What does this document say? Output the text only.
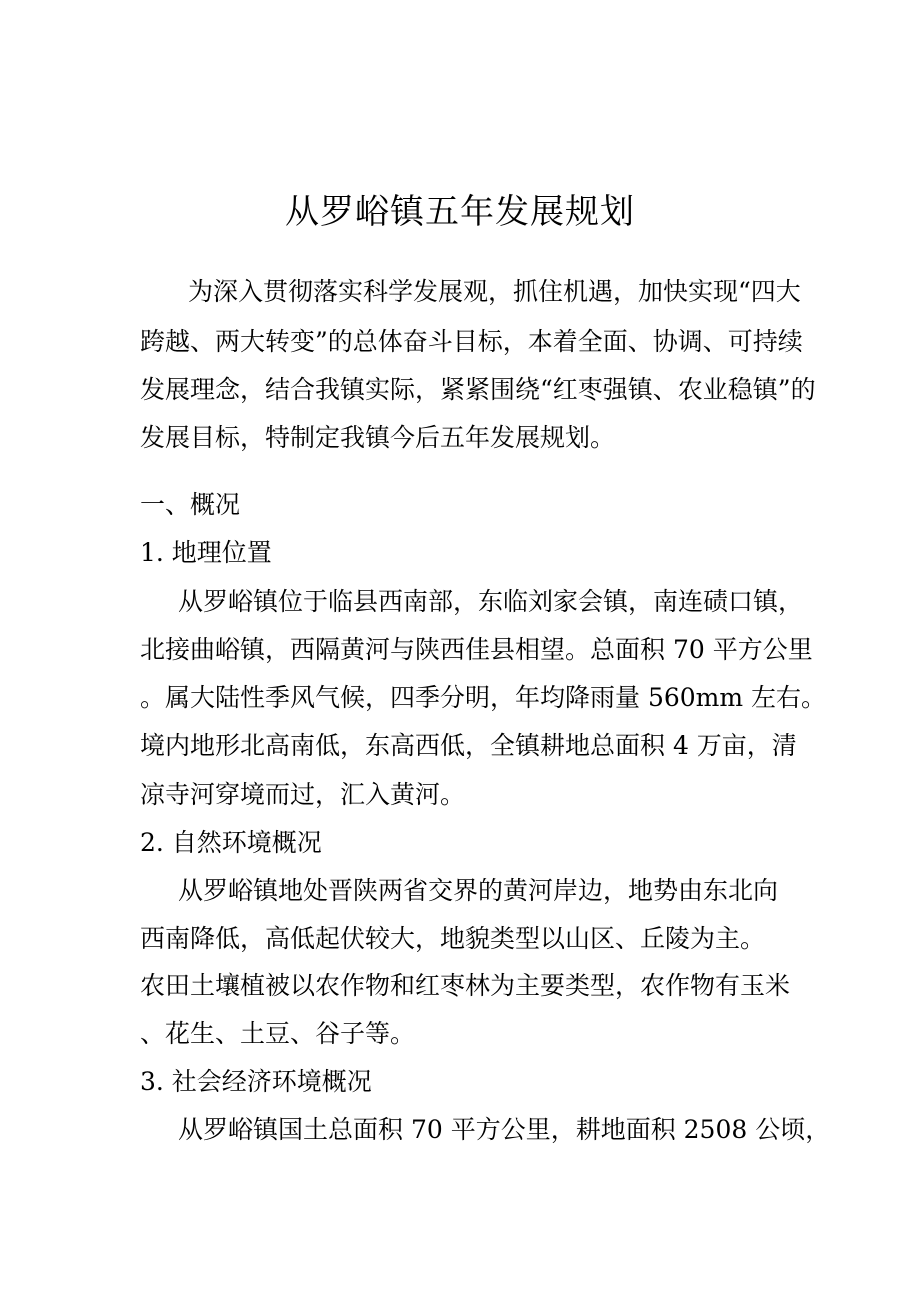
从罗峪镇五年发展规划
为深入贯彻落实科学发展观，抓住机遇，加快实现“四大
跨越、两大转变”的总体奋斗目标，本着全面、协调、可持续
发展理念，结合我镇实际，紧紧围绕“红枣强镇、农业稳镇”的
发展目标，特制定我镇今后五年发展规划。
一、概况
1. 地理位置
从罗峪镇位于临县西南部，东临刘家会镇，南连碛口镇，
北接曲峪镇，西隔黄河与陕西佳县相望。总面积 70 平方公里
。属大陆性季风气候，四季分明，年均降雨量 560mm 左右。
境内地形北高南低，东高西低，全镇耕地总面积 4 万亩，清
凉寺河穿境而过，汇入黄河。
2. 自然环境概况
从罗峪镇地处晋陕两省交界的黄河岸边，地势由东北向
西南降低，高低起伏较大，地貌类型以山区、丘陵为主。
农田土壤植被以农作物和红枣林为主要类型，农作物有玉米
、花生、土豆、谷子等。
3. 社会经济环境概况
从罗峪镇国土总面积 70 平方公里，耕地面积 2508 公顷，
